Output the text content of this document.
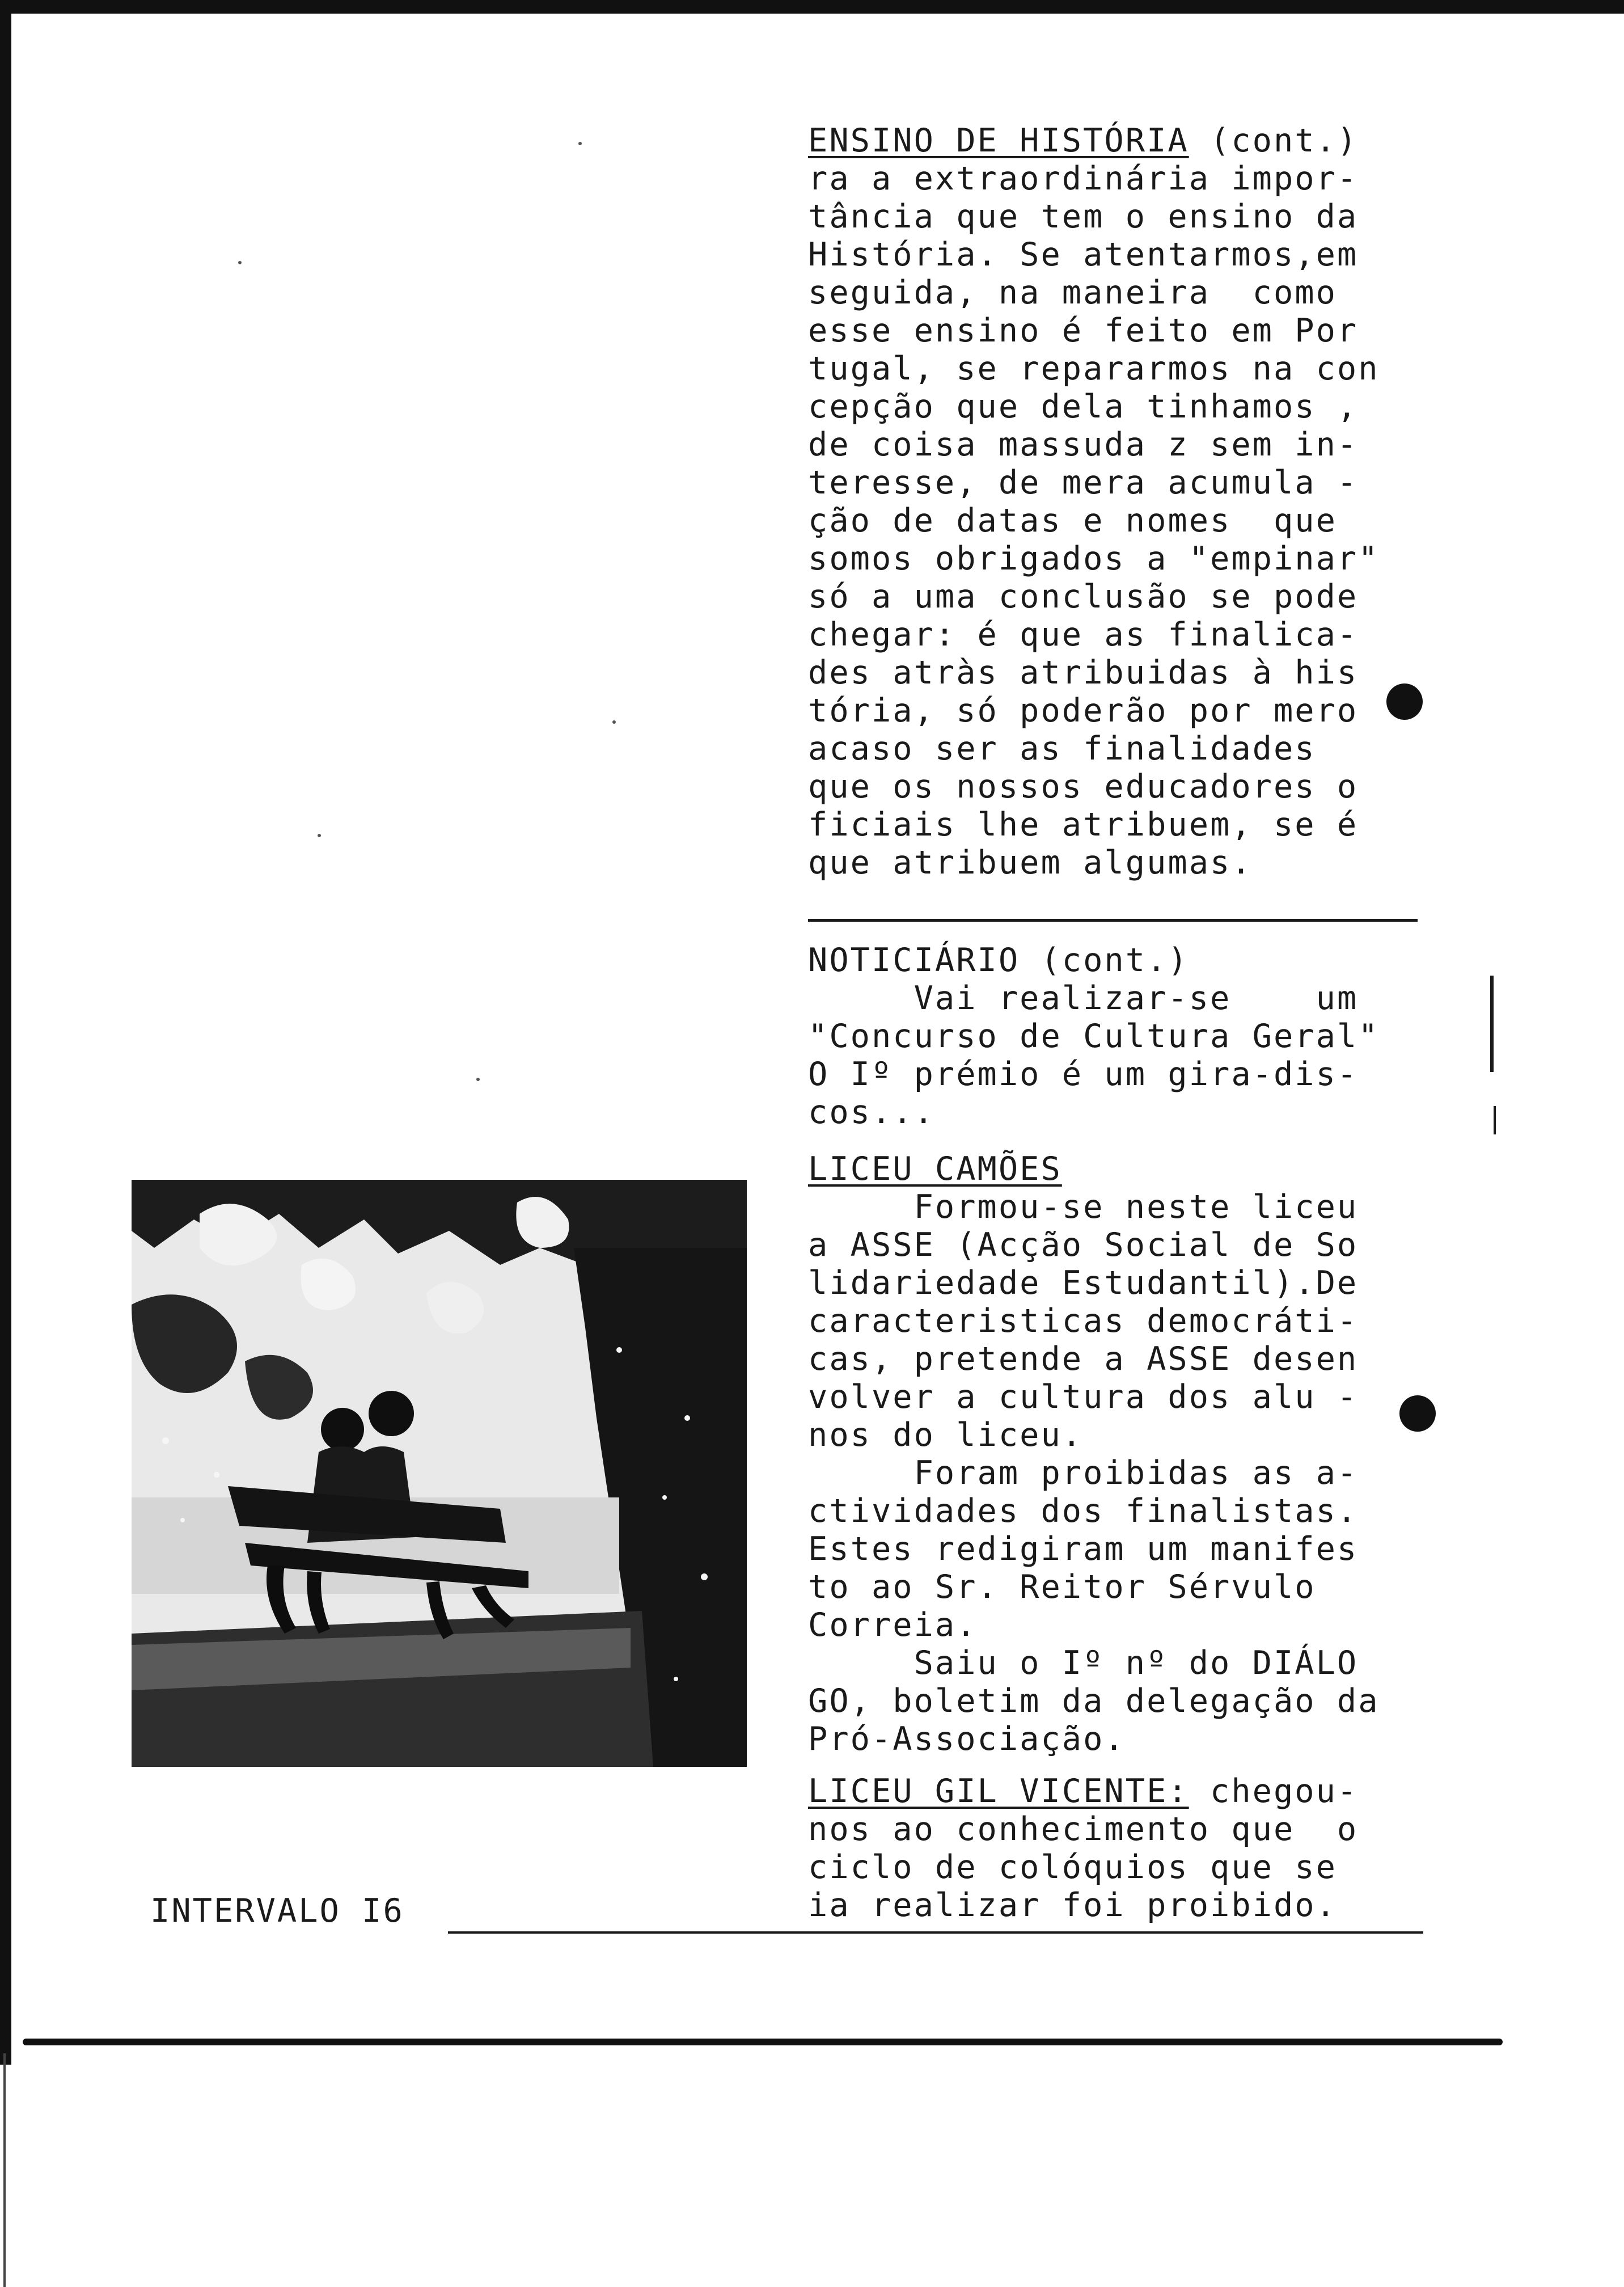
ENSINO DE HISTÓRIA (cont.)

ra a extraordinária impor-

tância que tem o ensino da

História. Se atentarmos,em

seguida, na maneira  como

esse ensino é feito em Por

tugal, se repararmos na con

cepção que dela tinhamos ,

de coisa massuda z sem in-

teresse, de mera acumula -

ção de datas e nomes  que

somos obrigados a "empinar"

só a uma conclusão se pode

chegar: é que as finalica-

des atràs atribuidas à his

tória, só poderão por mero

acaso ser as finalidades

que os nossos educadores o

ficiais lhe atribuem, se é

que atribuem algumas.

NOTICIÁRIO (cont.)

Vai realizar-se    um

"Concurso de Cultura Geral"

O Iº prémio é um gira-dis-

cos...

LICEU CAMÕES

Formou-se neste liceu

a ASSE (Acção Social de So

lidariedade Estudantil).De

caracteristicas democráti-

cas, pretende a ASSE desen

volver a cultura dos alu -

nos do liceu.

Foram proibidas as a-

ctividades dos finalistas.

Estes redigiram um manifes

to ao Sr. Reitor Sérvulo

Correia.

Saiu o Iº nº do DIÁLO

GO, boletim da delegação da

Pró-Associação.

LICEU GIL VICENTE: chegou-

nos ao conhecimento que  o

ciclo de colóquios que se

ia realizar foi proibido.

INTERVALO I6
